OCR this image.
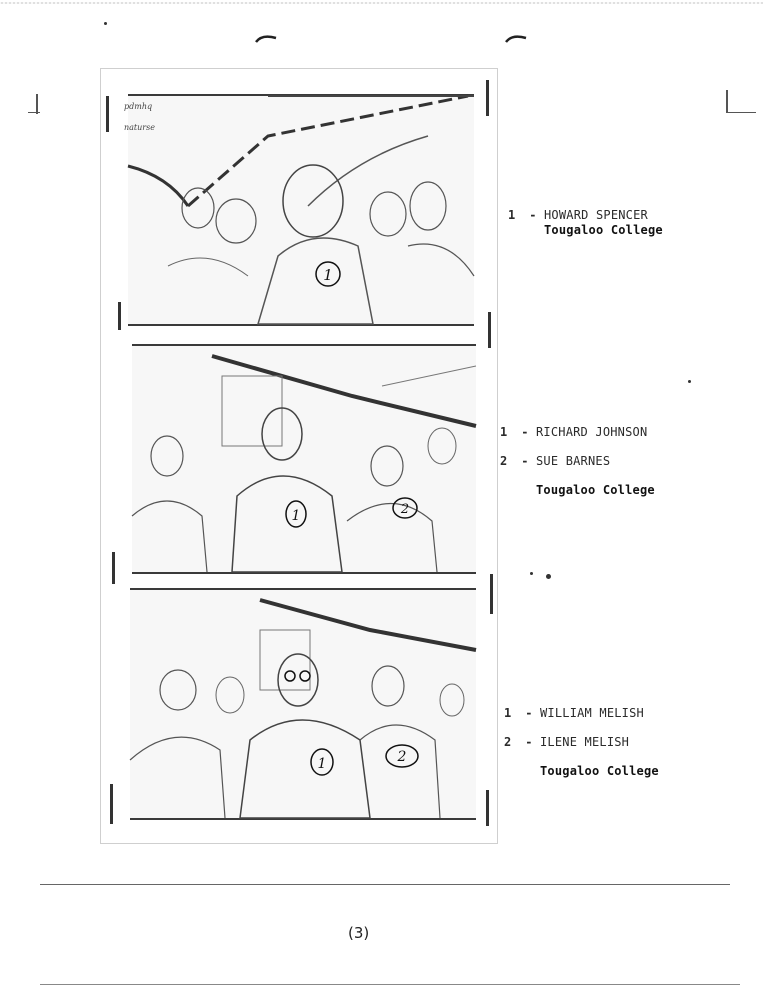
1
pdmhq
naturse
1	2
1	2
1 - HOWARD SPENCER
Tougaloo College
1 - RICHARD JOHNSON
2 - SUE BARNES
Tougaloo College
1 - WILLIAM MELISH
2 - ILENE MELISH
Tougaloo College
(3)
